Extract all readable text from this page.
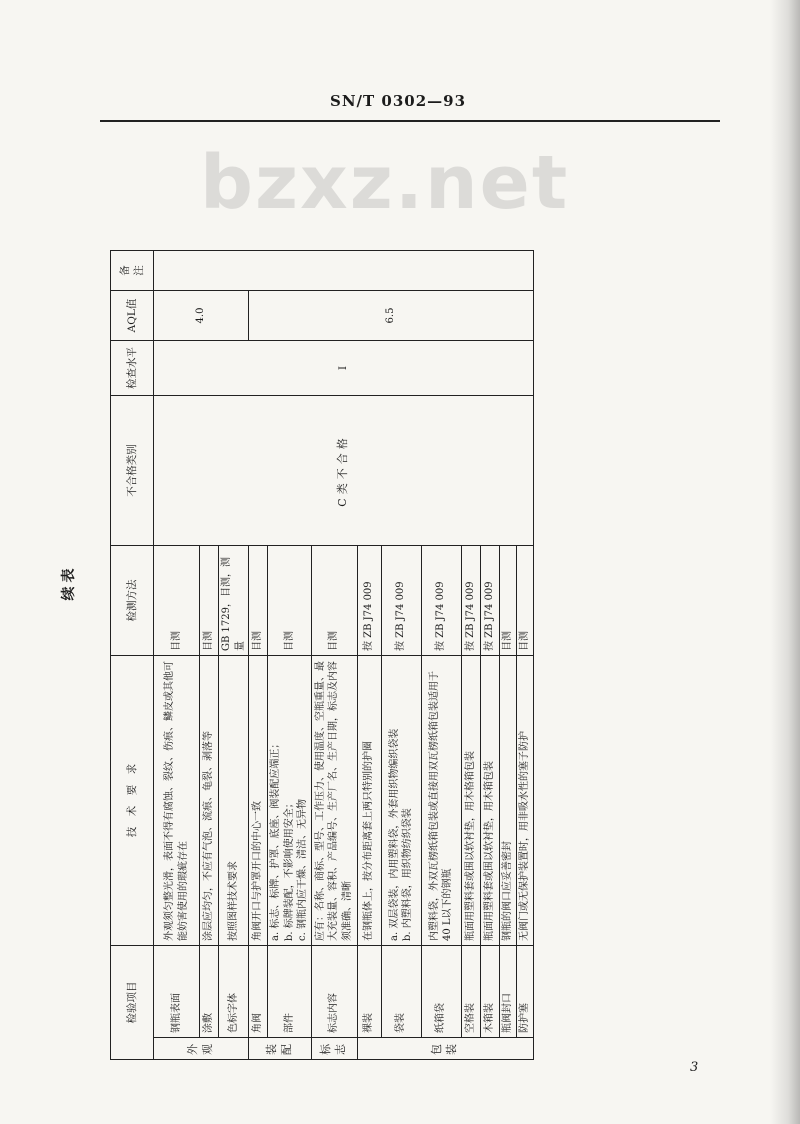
SN/T 0302—93
bzxz.net
续表
检验项目		技　术　要　求	检测方法	不合格类别	检查水平	AQL值	备　注	
外观	钢瓶表面	外观须匀整光滑，表面不得有腐蚀、裂纹、伤痕、鳞皮或其他可能妨害使用的瑕疵存在	目测	C类不合格	Ⅰ	4.0		
	涂敷	涂层应均匀，不应有气泡、流痕、龟裂、剥落等	目测					
	色标字体	按照图样技术要求	GB 1729，目测，测量					
装配	角阀	角阀开口与护罩开口的中心一致	目测			6.5		
	部件	a. 标志、标牌、护罩、底座、阀装配应端正； b. 标牌装配，不影响使用安全； c. 钢瓶内应干燥、清洁、无异物	目测					
标志	标志内容	应有：名称、商标、型号、工作压力、使用温度、空瓶重量、最大充装量、容积、产品编号、生产厂名、生产日期，标志及内容须准确、清晰	目测					
包装	裸装	在钢瓶体上，按分布距离套上两只特别的护圈	按 ZB J74 009					
	袋装	a. 双层袋装，内用塑料袋，外套用织物编织袋装 b. 内塑料袋，用织物纺织袋装	按 ZB J74 009					
	纸箱袋	内塑料袋，外双瓦楞纸箱包装或直接用双瓦楞纸箱包装适用于40 L以下的钢瓶	按 ZB J74 009					
	空格装	瓶面用塑料套或围以软衬垫，用木格箱包装	按 ZB J74 009					
	木箱装	瓶面用塑料套或围以软衬垫，用木箱包装	按 ZB J74 009					
	瓶阀封口	钢瓶的阀口应妥善密封	目测					
	防护塞	无阀门或无保护装置时，用非吸水性的塞子防护	目测					
3
